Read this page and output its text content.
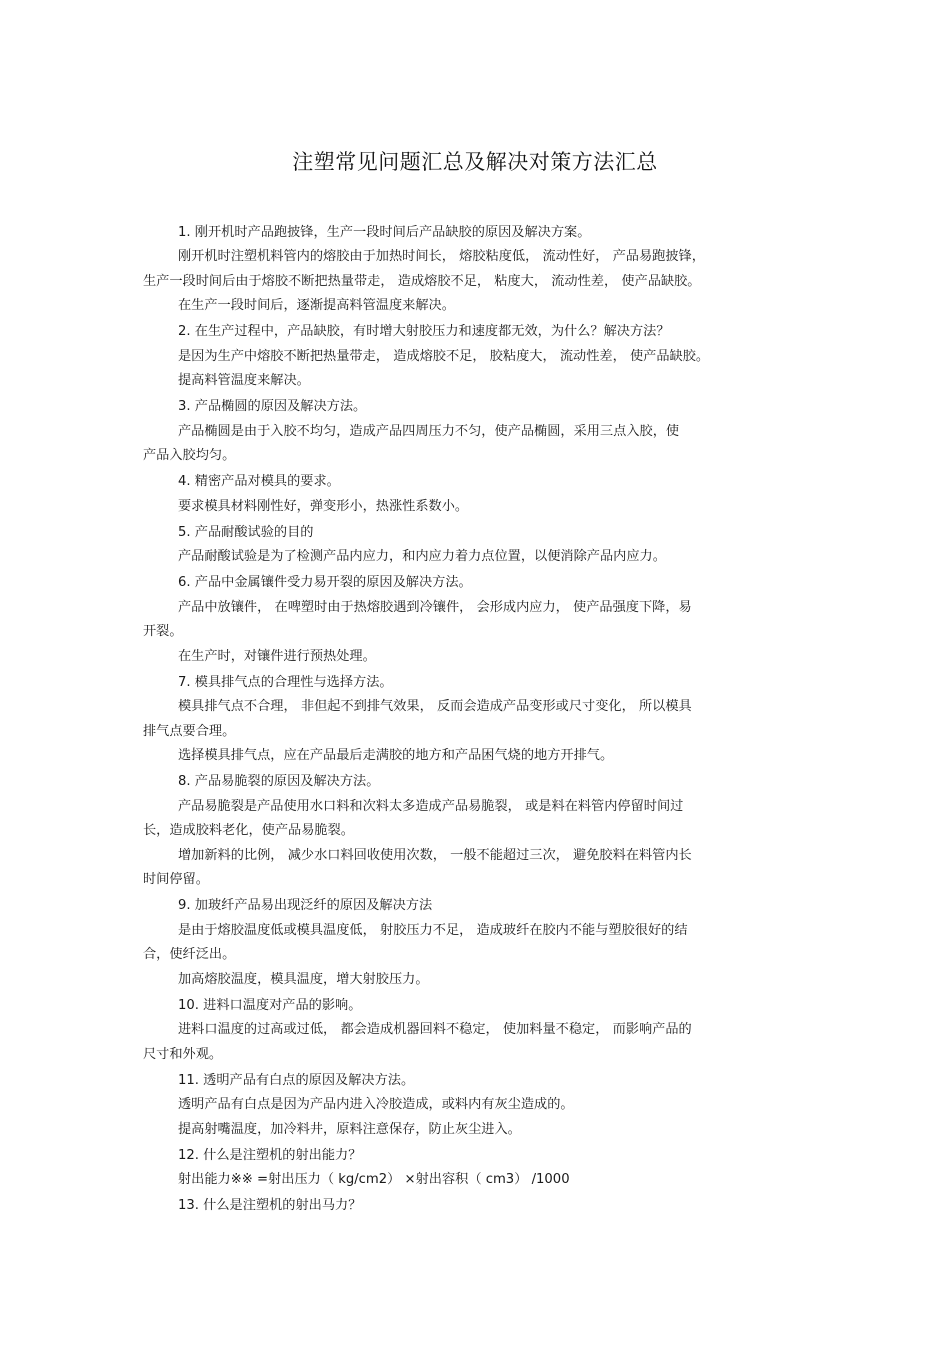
注塑常见问题汇总及解决对策方法汇总

1. 刚开机时产品跑披锋，生产一段时间后产品缺胶的原因及解决方案。

刚开机时注塑机料管内的熔胶由于加热时间长， 熔胶粘度低， 流动性好， 产品易跑披锋，

生产一段时间后由于熔胶不断把热量带走， 造成熔胶不足， 粘度大， 流动性差， 使产品缺胶。

在生产一段时间后，逐渐提高料管温度来解决。

2. 在生产过程中，产品缺胶，有时增大射胶压力和速度都无效，为什么？解决方法？

是因为生产中熔胶不断把热量带走， 造成熔胶不足， 胶粘度大， 流动性差， 使产品缺胶。

提高料管温度来解决。

3. 产品椭圆的原因及解决方法。

产品椭圆是由于入胶不均匀，造成产品四周压力不匀，使产品椭圆，采用三点入胶，使

产品入胶均匀。

4. 精密产品对模具的要求。

要求模具材料刚性好，弹变形小，热涨性系数小。

5. 产品耐酸试验的目的

产品耐酸试验是为了检测产品内应力，和内应力着力点位置，以便消除产品内应力。

6. 产品中金属镶件受力易开裂的原因及解决方法。

产品中放镶件， 在啤塑时由于热熔胶遇到冷镶件， 会形成内应力， 使产品强度下降，易

开裂。

在生产时，对镶件进行预热处理。

7. 模具排气点的合理性与选择方法。

模具排气点不合理， 非但起不到排气效果， 反而会造成产品变形或尺寸变化， 所以模具

排气点要合理。

选择模具排气点，应在产品最后走满胶的地方和产品困气烧的地方开排气。

8. 产品易脆裂的原因及解决方法。

产品易脆裂是产品使用水口料和次料太多造成产品易脆裂， 或是料在料管内停留时间过

长，造成胶料老化，使产品易脆裂。

增加新料的比例， 减少水口料回收使用次数， 一般不能超过三次， 避免胶料在料管内长

时间停留。

9. 加玻纤产品易出现泛纤的原因及解决方法

是由于熔胶温度低或模具温度低， 射胶压力不足， 造成玻纤在胶内不能与塑胶很好的结

合，使纤泛出。

加高熔胶温度，模具温度，增大射胶压力。

10. 进料口温度对产品的影响。

进料口温度的过高或过低， 都会造成机器回料不稳定， 使加料量不稳定， 而影响产品的

尺寸和外观。

11. 透明产品有白点的原因及解决方法。

透明产品有白点是因为产品内进入冷胶造成，或料内有灰尘造成的。

提高射嘴温度，加冷料井，原料注意保存，防止灰尘进入。

12. 什么是注塑机的射出能力？

射出能力※※ =射出压力（ kg/cm2） ×射出容积（ cm3） /1000

13. 什么是注塑机的射出马力？
